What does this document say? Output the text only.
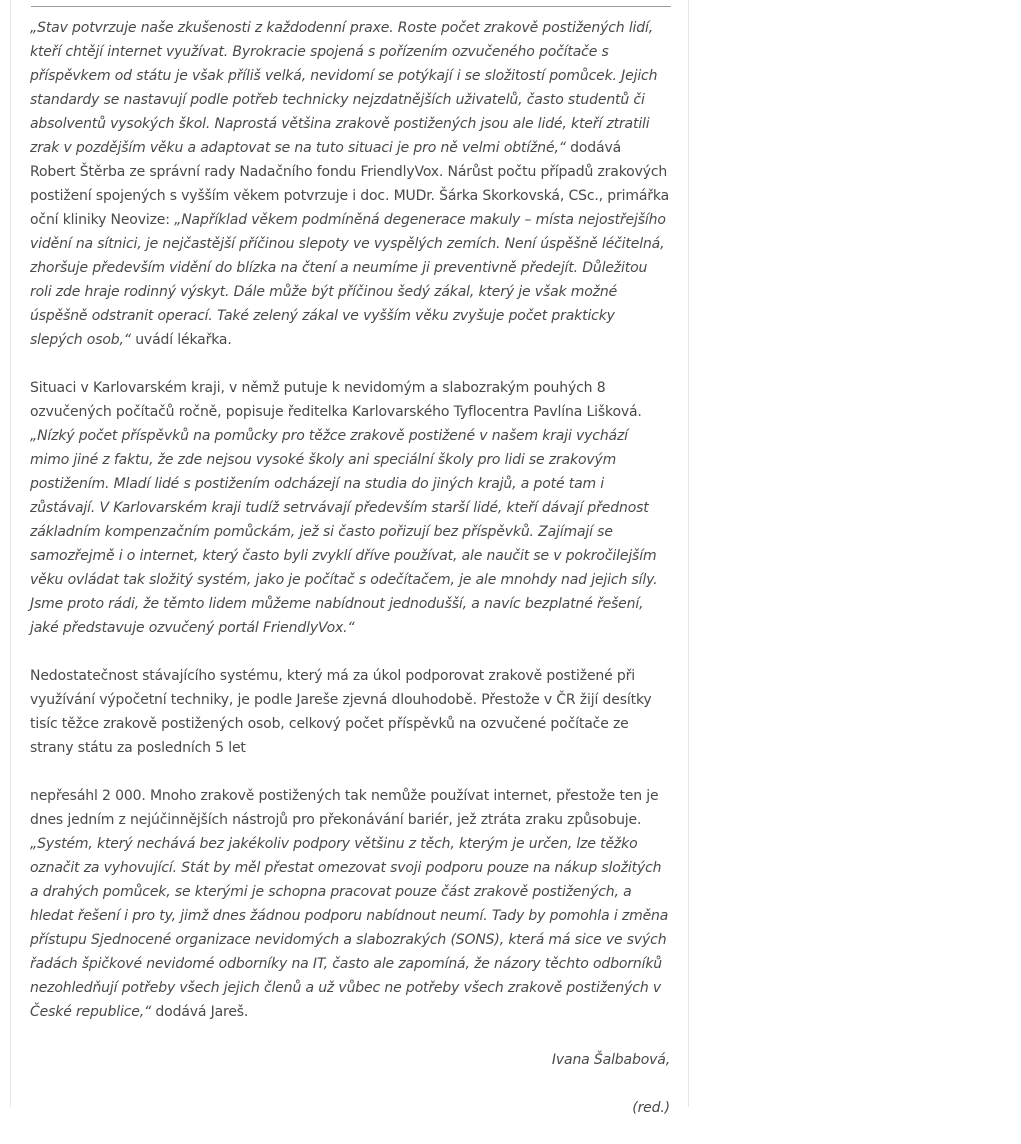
„Stav potvrzuje naše zkušenosti z každodenní praxe. Roste počet zrakově postižených lidí, kteří chtějí internet využívat. Byrokracie spojená s pořízením ozvučeného počítače s příspěvkem od státu je však příliš velká, nevidomí se potýkají i se složitostí pomůcek. Jejich standardy se nastavují podle potřeb technicky nejzdatnějších uživatelů, často studentů či absolventů vysokých škol. Naprostá většina zrakově postižených jsou ale lidé, kteří ztratili zrak v pozdějším věku a adaptovat se na tuto situaci je pro ně velmi obtížné,“ dodává Robert Štěrba ze správní rady Nadačního fondu FriendlyVox. Nárůst počtu případů zrakových postižení spojených s vyšším věkem potvrzuje i doc. MUDr. Šárka Skorkovská, CSc., primářka oční kliniky Neovize: „Například věkem podmíněná degenerace makuly – místa nejostřejšího vidění na sítnici, je nejčastější příčinou slepoty ve vyspělých zemích. Není úspěšně léčitelná, zhoršuje především vidění do blízka na čtení a neumíme ji preventivně předejít. Důležitou roli zde hraje rodinný výskyt. Dále může být příčinou šedý zákal, který je však možné úspěšně odstranit operací. Také zelený zákal ve vyšším věku zvyšuje počet prakticky slepých osob,“ uvádí lékařka.

Situaci v Karlovarském kraji, v němž putuje k nevidomým a slabozrakým pouhých 8 ozvučených počítačů ročně, popisuje ředitelka Karlovarského Tyflocentra Pavlína Lišková. „Nízký počet příspěvků na pomůcky pro těžce zrakově postižené v našem kraji vychází mimo jiné z faktu, že zde nejsou vysoké školy ani speciální školy pro lidi se zrakovým postižením. Mladí lidé s postižením odcházejí na studia do jiných krajů, a poté tam i zůstávají. V Karlovarském kraji tudíž setrvávají především starší lidé, kteří dávají přednost základním kompenzačním pomůckám, jež si často pořizují bez příspěvků. Zajímají se samozřejmě i o internet, který často byli zvyklí dříve používat, ale naučit se v pokročilejším věku ovládat tak složitý systém, jako je počítač s odečítačem, je ale mnohdy nad jejich síly. Jsme proto rádi, že těmto lidem můžeme nabídnout jednodušší, a navíc bezplatné řešení, jaké představuje ozvučený portál FriendlyVox.“

Nedostatečnost stávajícího systému, který má za úkol podporovat zrakově postižené při využívání výpočetní techniky, je podle Jareše zjevná dlouhodobě. Přestože v ČR žijí desítky tisíc těžce zrakově postižených osob, celkový počet příspěvků na ozvučené počítače ze strany státu za posledních 5 let

nepřesáhl 2 000. Mnoho zrakově postižených tak nemůže používat internet, přestože ten je dnes jedním z nejúčinnějších nástrojů pro překonávání bariér, jež ztráta zraku způsobuje. „Systém, který nechává bez jakékoliv podpory většinu z těch, kterým je určen, lze těžko označit za vyhovující. Stát by měl přestat omezovat svoji podporu pouze na nákup složitých a drahých pomůcek, se kterými je schopna pracovat pouze část zrakově postižených, a hledat řešení i pro ty, jimž dnes žádnou podporu nabídnout neumí. Tady by pomohla i změna přístupu Sjednocené organizace nevidomých a slabozrakých (SONS), která má sice ve svých řadách špičkové nevidomé odborníky na IT, často ale zapomíná, že názory těchto odborníků nezohledňují potřeby všech jejich členů a už vůbec ne potřeby všech zrakově postižených v České republice,“ dodává Jareš.

Ivana Šalbabová,

(red.)
